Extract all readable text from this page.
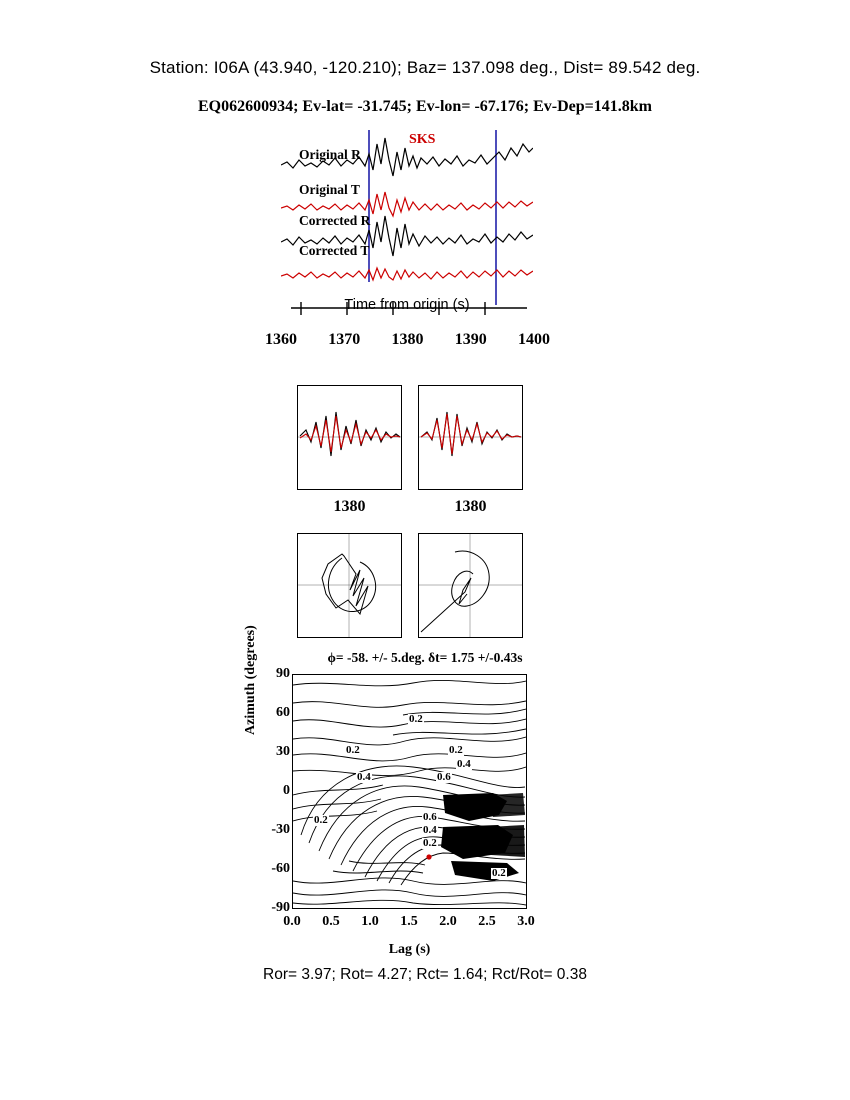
Station: I06A (43.940, -120.210); Baz= 137.098 deg., Dist= 89.542 deg.
EQ062600934; Ev-lat= -31.745; Ev-lon= -67.176; Ev-Dep=141.8km
Original R
Original T
Corrected R
Corrected T
SKS
Time from origin (s)
1360 1370 1380 1390 1400
1380	1380
ϕ= -58. +/- 5.deg. δt= 1.75 +/-0.43s
90
60
30
0
-30
-60
-90
Azimuth (degrees)	0.2
0.2	0.2
0.4
0.4
0.6
0.6
0.4
0.2
0.2
0.2
0.0	0.5	1.0	1.5	2.0	2.5	3.0
Lag (s)
Ror= 3.97; Rot= 4.27; Rct= 1.64; Rct/Rot= 0.38
